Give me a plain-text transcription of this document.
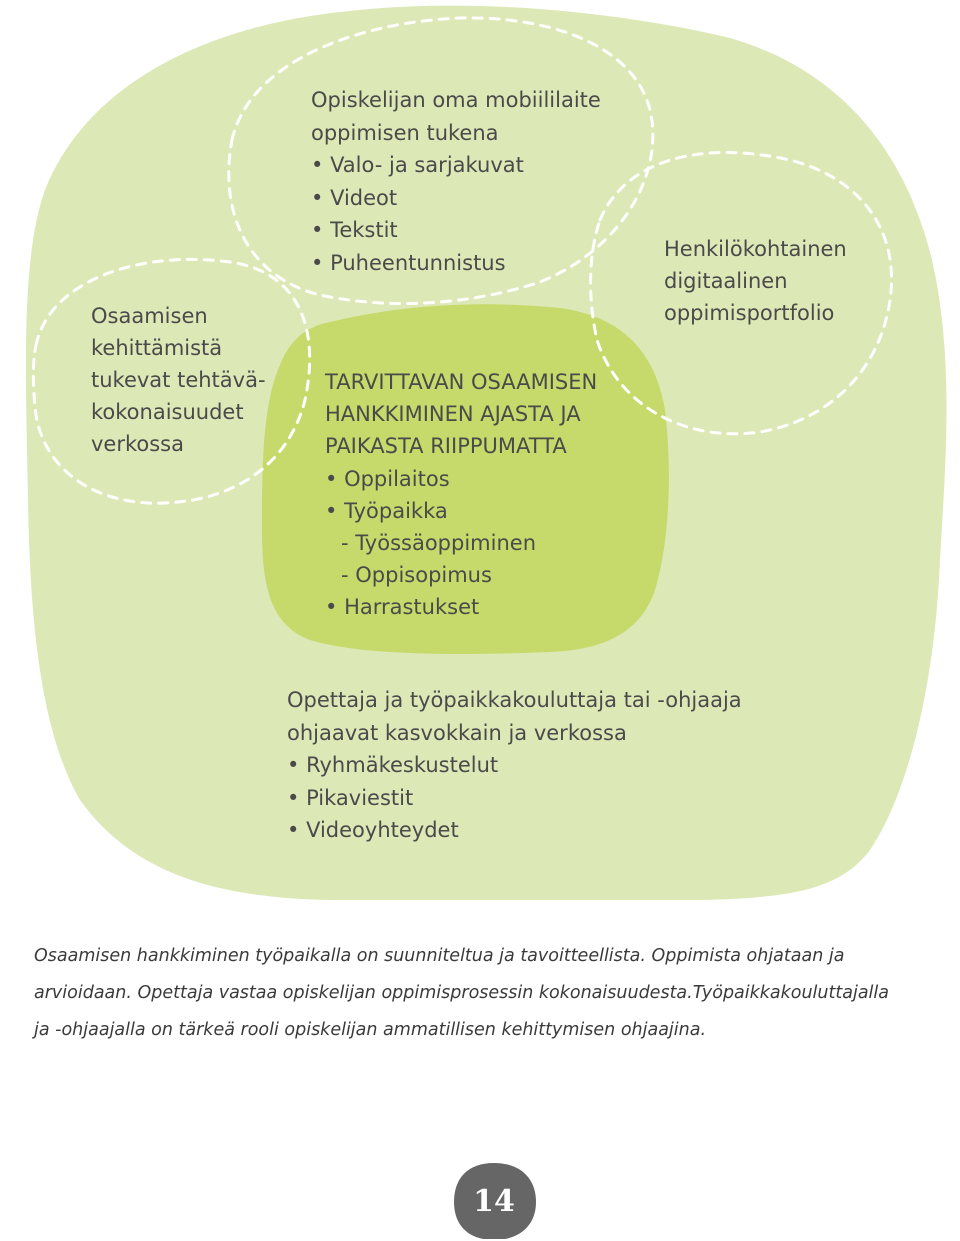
Opiskelijan oma mobiililaite
oppimisen tukena
• Valo- ja sarjakuvat
• Videot
• Tekstit
• Puheentunnistus
Henkilökohtainen
digitaalinen
oppimisportfolio
Osaamisen
kehittämistä
tukevat tehtävä-
kokonaisuudet
verkossa
TARVITTAVAN OSAAMISEN
HANKKIMINEN AJASTA JA
PAIKASTA RIIPPUMATTA
• Oppilaitos
• Työpaikka
- Työssäoppiminen
- Oppisopimus
• Harrastukset
Opettaja ja työpaikkakouluttaja tai -ohjaaja
ohjaavat kasvokkain ja verkossa
• Ryhmäkeskustelut
• Pikaviestit
• Videoyhteydet
Osaamisen hankkiminen työpaikalla on suunniteltua ja tavoitteellista. Oppimista ohjataan ja
arvioidaan. Opettaja vastaa opiskelijan oppimisprosessin kokonaisuudesta.Työpaikkakouluttajalla
ja -ohjaajalla on tärkeä rooli opiskelijan ammatillisen kehittymisen ohjaajina.
14
